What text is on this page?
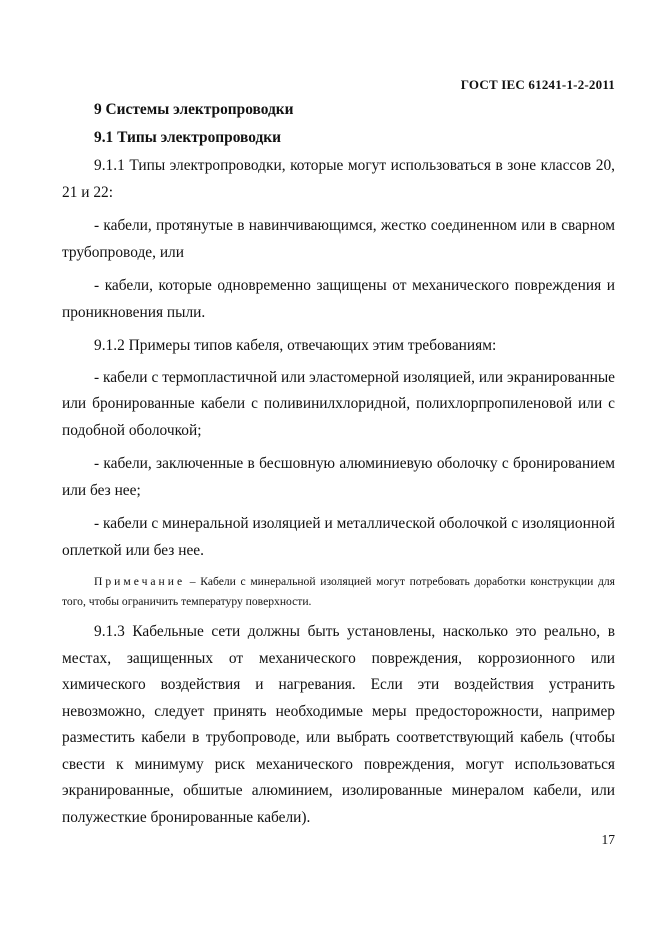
ГОСТ IEC 61241-1-2-2011

9 Системы электропроводки

9.1 Типы электропроводки

9.1.1 Типы электропроводки, которые могут использоваться в зоне классов 20, 21 и 22:

- кабели, протянутые в навинчивающимся, жестко соединенном или в сварном трубопроводе, или

- кабели, которые одновременно защищены от механического повреждения и проникновения пыли.

9.1.2 Примеры типов кабеля, отвечающих этим требованиям:

- кабели с термопластичной или эластомерной изоляцией, или экранированные или бронированные кабели с поливинилхлоридной, полихлорпропиленовой или с подобной оболочкой;

- кабели, заключенные в бесшовную алюминиевую оболочку с бронированием или без нее;

- кабели с минеральной изоляцией и металлической оболочкой с изоляционной оплеткой или без нее.

Примечание – Кабели с минеральной изоляцией могут потребовать доработки конструкции для того, чтобы ограничить температуру поверхности.

9.1.3 Кабельные сети должны быть установлены, насколько это реально, в местах, защищенных от механического повреждения, коррозионного или химического воздействия и нагревания. Если эти воздействия устранить невозможно, следует принять необходимые меры предосторожности, например разместить кабели в трубопроводе, или выбрать соответствующий кабель (чтобы свести к минимуму риск механического повреждения, могут использоваться экранированные, обшитые алюминием, изолированные минералом кабели, или полужесткие бронированные кабели).

17
